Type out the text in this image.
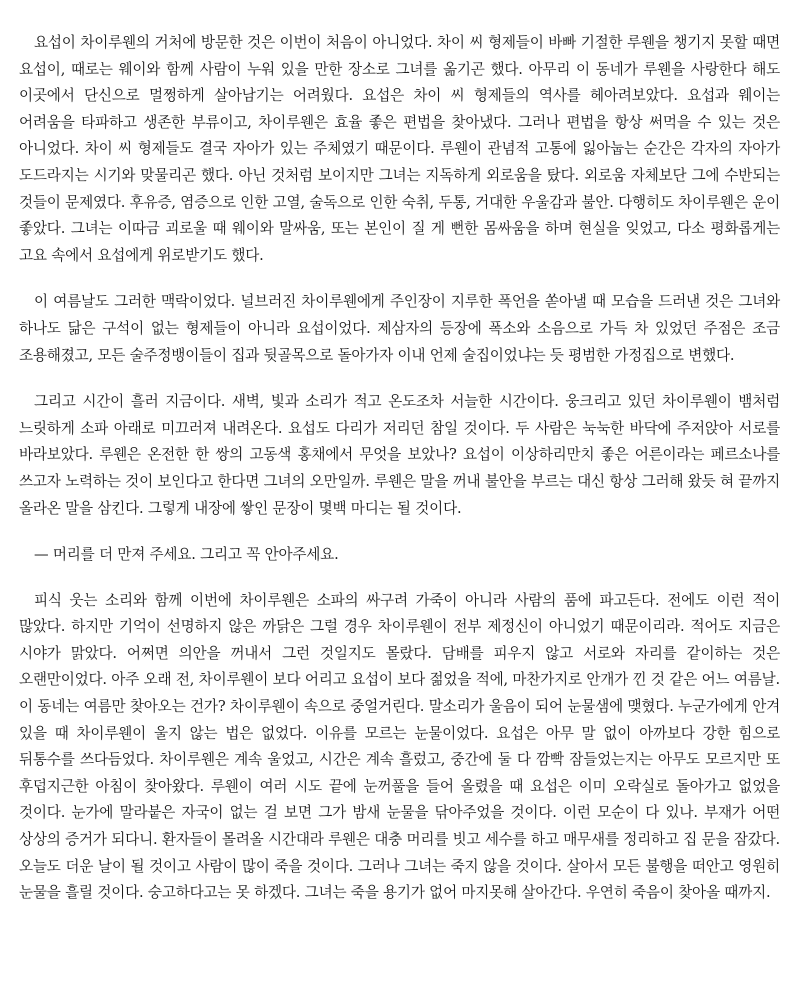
요섭이 차이루웬의 거처에 방문한 것은 이번이 처음이 아니었다. 차이 씨 형제들이 바빠 기절한 루웬을 챙기지 못할 때면 요섭이, 때로는 웨이와 함께 사람이 누워 있을 만한 장소로 그녀를 옮기곤 했다. 아무리 이 동네가 루웬을 사랑한다 해도 이곳에서 단신으로 멀쩡하게 살아남기는 어려웠다. 요섭은 차이 씨 형제들의 역사를 헤아려보았다. 요섭과 웨이는 어려움을 타파하고 생존한 부류이고, 차이루웬은 효율 좋은 편법을 찾아냈다. 그러나 편법을 항상 써먹을 수 있는 것은 아니었다. 차이 씨 형제들도 결국 자아가 있는 주체였기 때문이다. 루웬이 관념적 고통에 잃아눕는 순간은 각자의 자아가 도드라지는 시기와 맞물리곤 했다. 아닌 것처럼 보이지만 그녀는 지독하게 외로움을 탔다. 외로움 자체보단 그에 수반되는 것들이 문제였다. 후유증, 염증으로 인한 고열, 술독으로 인한 숙취, 두통, 거대한 우울감과 불안. 다행히도 차이루웬은 운이 좋았다. 그녀는 이따금 괴로울 때 웨이와 말싸움, 또는 본인이 질 게 뻔한 몸싸움을 하며 현실을 잊었고, 다소 평화롭게는 고요 속에서 요섭에게 위로받기도 했다.

이 여름날도 그러한 맥락이었다. 널브러진 차이루웬에게 주인장이 지루한 폭언을 쏟아낼 때 모습을 드러낸 것은 그녀와 하나도 닮은 구석이 없는 형제들이 아니라 요섭이었다. 제삼자의 등장에 폭소와 소음으로 가득 차 있었던 주점은 조금 조용해졌고, 모든 술주정뱅이들이 집과 뒷골목으로 돌아가자 이내 언제 술집이었냐는 듯 평범한 가정집으로 변했다.

그리고 시간이 흘러 지금이다. 새벽, 빛과 소리가 적고 온도조차 서늘한 시간이다. 웅크리고 있던 차이루웬이 뱀처럼 느릿하게 소파 아래로 미끄러져 내려온다. 요섭도 다리가 저리던 참일 것이다. 두 사람은 눅눅한 바닥에 주저앉아 서로를 바라보았다. 루웬은 온전한 한 쌍의 고동색 홍채에서 무엇을 보았나? 요섭이 이상하리만치 좋은 어른이라는 페르소나를 쓰고자 노력하는 것이 보인다고 한다면 그녀의 오만일까. 루웬은 말을 꺼내 불안을 부르는 대신 항상 그러해 왔듯 혀 끝까지 올라온 말을 삼킨다. 그렇게 내장에 쌓인 문장이 몇백 마디는 될 것이다.

— 머리를 더 만져 주세요. 그리고 꼭 안아주세요.

피식 웃는 소리와 함께 이번에 차이루웬은 소파의 싸구려 가죽이 아니라 사람의 품에 파고든다. 전에도 이런 적이 많았다. 하지만 기억이 선명하지 않은 까닭은 그럴 경우 차이루웬이 전부 제정신이 아니었기 때문이리라. 적어도 지금은 시야가 맑았다. 어쩌면 의안을 꺼내서 그런 것일지도 몰랐다. 담배를 피우지 않고 서로와 자리를 같이하는 것은 오랜만이었다. 아주 오래 전, 차이루웬이 보다 어리고 요섭이 보다 젊었을 적에, 마찬가지로 안개가 낀 것 같은 어느 여름날. 이 동네는 여름만 찾아오는 건가? 차이루웬이 속으로 중얼거린다. 말소리가 울음이 되어 눈물샘에 맺혔다. 누군가에게 안겨 있을 때 차이루웬이 울지 않는 법은 없었다. 이유를 모르는 눈물이었다. 요섭은 아무 말 없이 아까보다 강한 힘으로 뒤통수를 쓰다듬었다. 차이루웬은 계속 울었고, 시간은 계속 흘렀고, 중간에 둘 다 깜빡 잠들었는지는 아무도 모르지만 또 후덥지근한 아침이 찾아왔다. 루웬이 여러 시도 끝에 눈꺼풀을 들어 올렸을 때 요섭은 이미 오락실로 돌아가고 없었을 것이다. 눈가에 말라붙은 자국이 없는 걸 보면 그가 밤새 눈물을 닦아주었을 것이다. 이런 모순이 다 있나. 부재가 어떤 상상의 증거가 되다니. 환자들이 몰려올 시간대라 루웬은 대충 머리를 빗고 세수를 하고 매무새를 정리하고 집 문을 잠갔다. 오늘도 더운 날이 될 것이고 사람이 많이 죽을 것이다. 그러나 그녀는 죽지 않을 것이다. 살아서 모든 불행을 떠안고 영원히 눈물을 흘릴 것이다. 숭고하다고는 못 하겠다. 그녀는 죽을 용기가 없어 마지못해 살아간다. 우연히 죽음이 찾아올 때까지.
